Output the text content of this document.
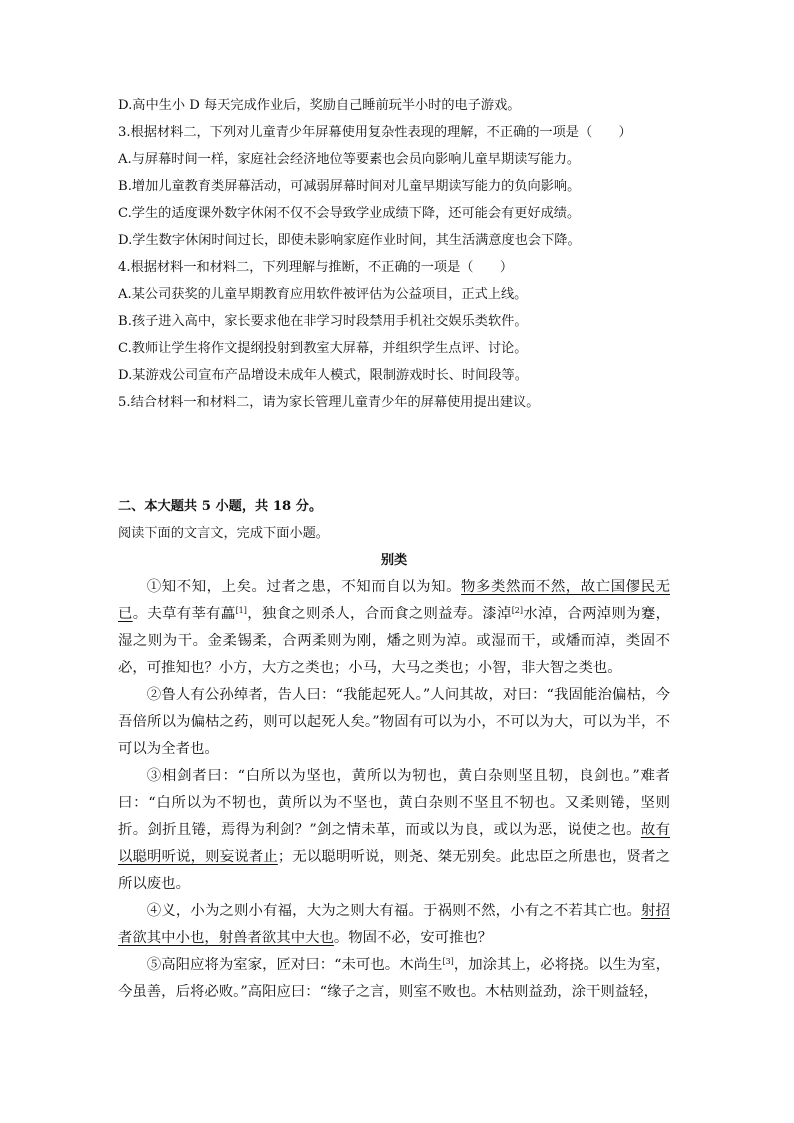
D.高中生小 D 每天完成作业后，奖励自己睡前玩半小时的电子游戏。
3.根据材料二，下列对儿童青少年屏幕使用复杂性表现的理解，不正确的一项是（　　）
A.与屏幕时间一样，家庭社会经济地位等要素也会员向影响儿童早期读写能力。
B.增加儿童教育类屏幕活动，可减弱屏幕时间对儿童早期读写能力的负向影响。
C.学生的适度课外数字休闲不仅不会导致学业成绩下降，还可能会有更好成绩。
D.学生数字休闲时间过长，即使未影响家庭作业时间，其生活满意度也会下降。
4.根据材料一和材料二，下列理解与推断，不正确的一项是（　　）
A.某公司获奖的儿童早期教育应用软件被评估为公益项目，正式上线。
B.孩子进入高中，家长要求他在非学习时段禁用手机社交娱乐类软件。
C.教师让学生将作文提纲投射到教室大屏幕，并组织学生点评、讨论。
D.某游戏公司宣布产品增设未成年人模式，限制游戏时长、时间段等。
5.结合材料一和材料二，请为家长管理儿童青少年的屏幕使用提出建议。
二、本大题共 5 小题，共 18 分。
阅读下面的文言文，完成下面小题。
别类

①知不知，上矣。过者之患，不知而自以为知。物多类然而不然，故亡国僇民无已。夫草有莘有藟[1]，独食之则杀人，合而食之则益寿。漆淖[2]水淖，合两淖则为蹇，湿之则为干。金柔锡柔，合两柔则为刚，燔之则为淖。或湿而干，或燔而淖，类固不必，可推知也？小方，大方之类也；小马，大马之类也；小智，非大智之类也。

②鲁人有公孙绰者，告人曰：“我能起死人。”人问其故，对曰：“我固能治偏枯，今吾倍所以为偏枯之药，则可以起死人矣。”物固有可以为小，不可以为大，可以为半，不可以为全者也。

③相剑者曰：“白所以为坚也，黄所以为牣也，黄白杂则坚且牣，良剑也。”难者曰：“白所以为不牣也，黄所以为不坚也，黄白杂则不坚且不牣也。又柔则锩，坚则折。剑折且锩，焉得为利剑？”剑之情未革，而或以为良，或以为恶，说使之也。故有以聪明听说，则妄说者止；无以聪明听说，则尧、桀无别矣。此忠臣之所患也，贤者之所以废也。

④义，小为之则小有福，大为之则大有福。于祸则不然，小有之不若其亡也。射招者欲其中小也，射兽者欲其中大也。物固不必，安可推也？

⑤高阳应将为室家，匠对曰：“未可也。木尚生[3]，加涂其上，必将挠。以生为室，今虽善，后将必败。”高阳应曰：“缘子之言，则室不败也。木枯则益劲，涂干则益轻，
